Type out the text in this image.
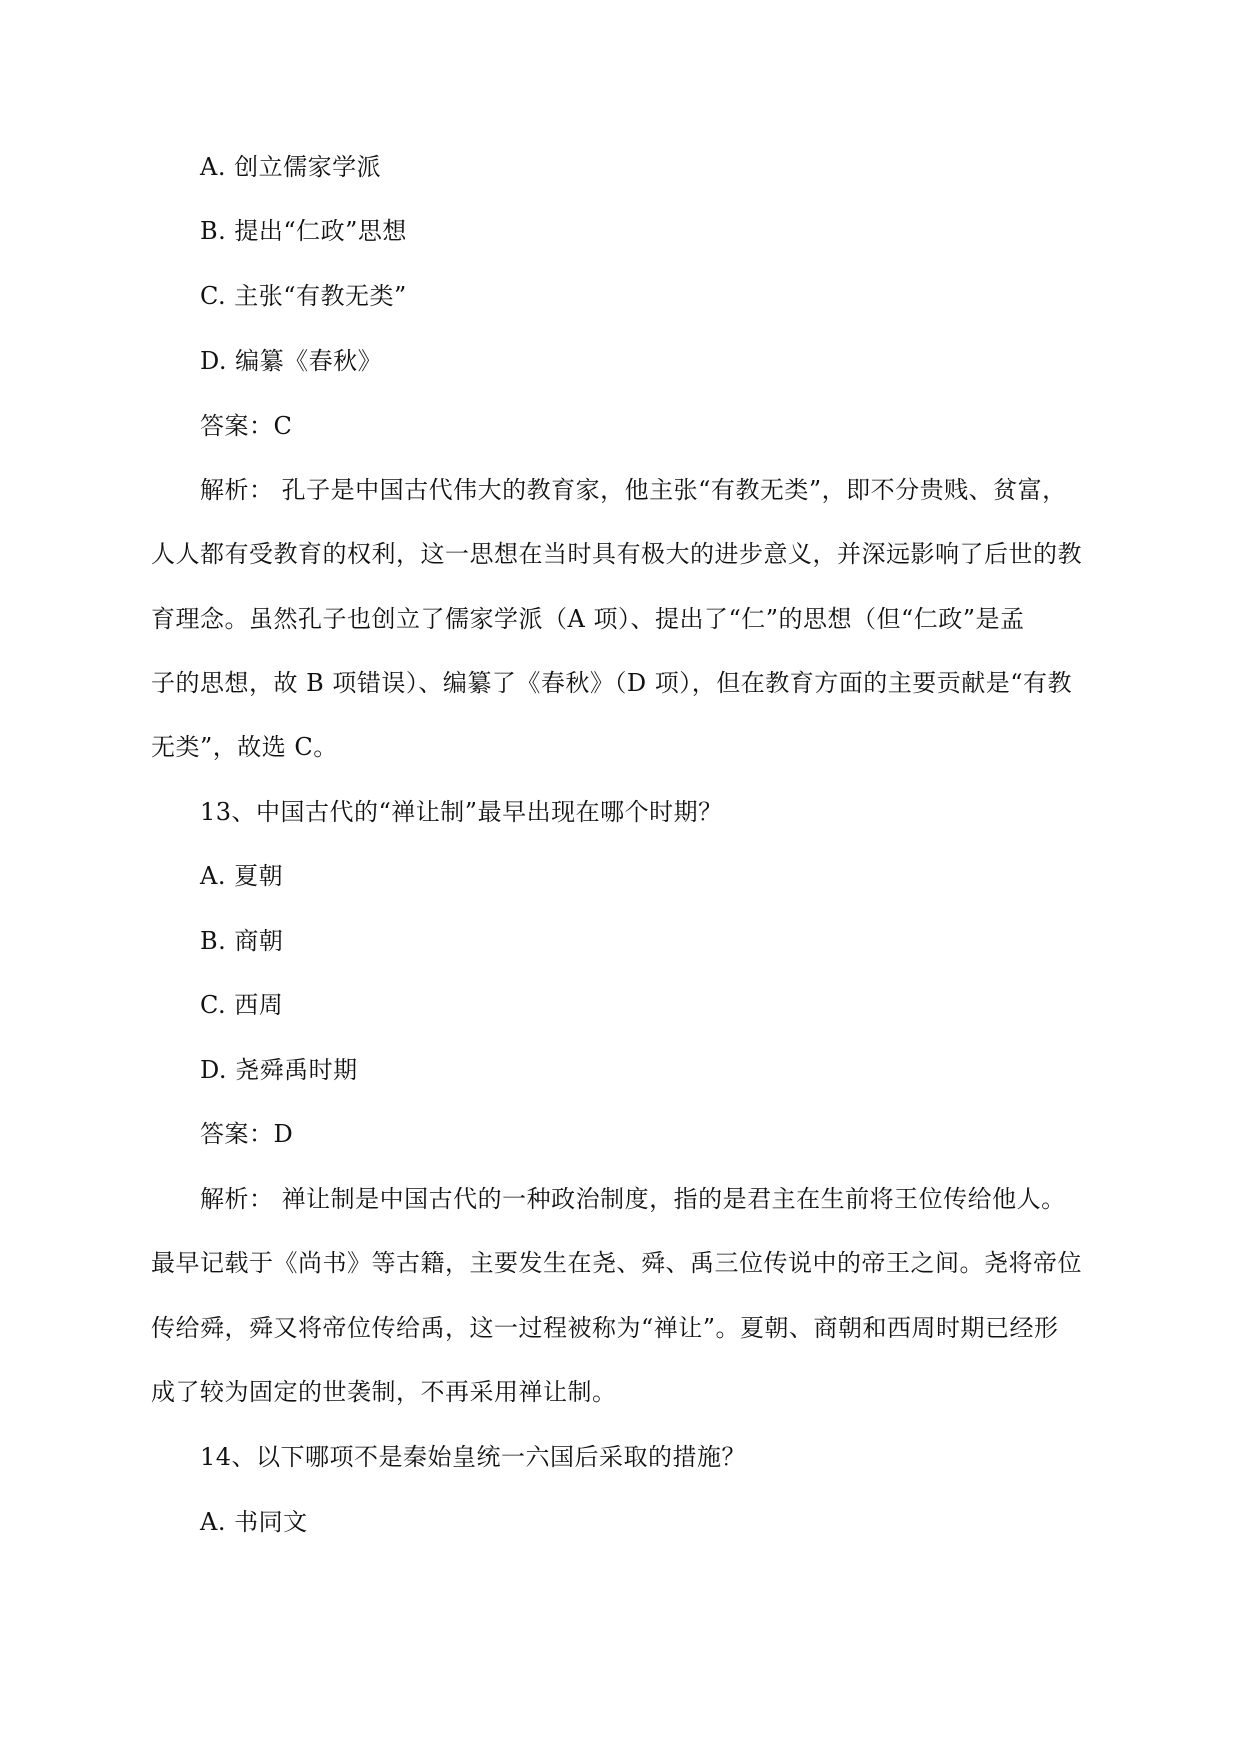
A. 创立儒家学派
B. 提出“仁政”思想
C. 主张“有教无类”
D. 编纂《春秋》
答案：C
解析： 孔子是中国古代伟大的教育家，他主张“有教无类”，即不分贵贱、贫富，
人人都有受教育的权利，这一思想在当时具有极大的进步意义，并深远影响了后世的教
育理念。虽然孔子也创立了儒家学派（A 项）、提出了“仁”的思想（但“仁政”是孟
子的思想，故 B 项错误）、编纂了《春秋》（D 项），但在教育方面的主要贡献是“有教
无类”，故选 C。
13、中国古代的“禅让制”最早出现在哪个时期？
A. 夏朝
B. 商朝
C. 西周
D. 尧舜禹时期
答案：D
解析： 禅让制是中国古代的一种政治制度，指的是君主在生前将王位传给他人。
最早记载于《尚书》等古籍，主要发生在尧、舜、禹三位传说中的帝王之间。尧将帝位
传给舜，舜又将帝位传给禹，这一过程被称为“禅让”。夏朝、商朝和西周时期已经形
成了较为固定的世袭制，不再采用禅让制。
14、以下哪项不是秦始皇统一六国后采取的措施？
A. 书同文
